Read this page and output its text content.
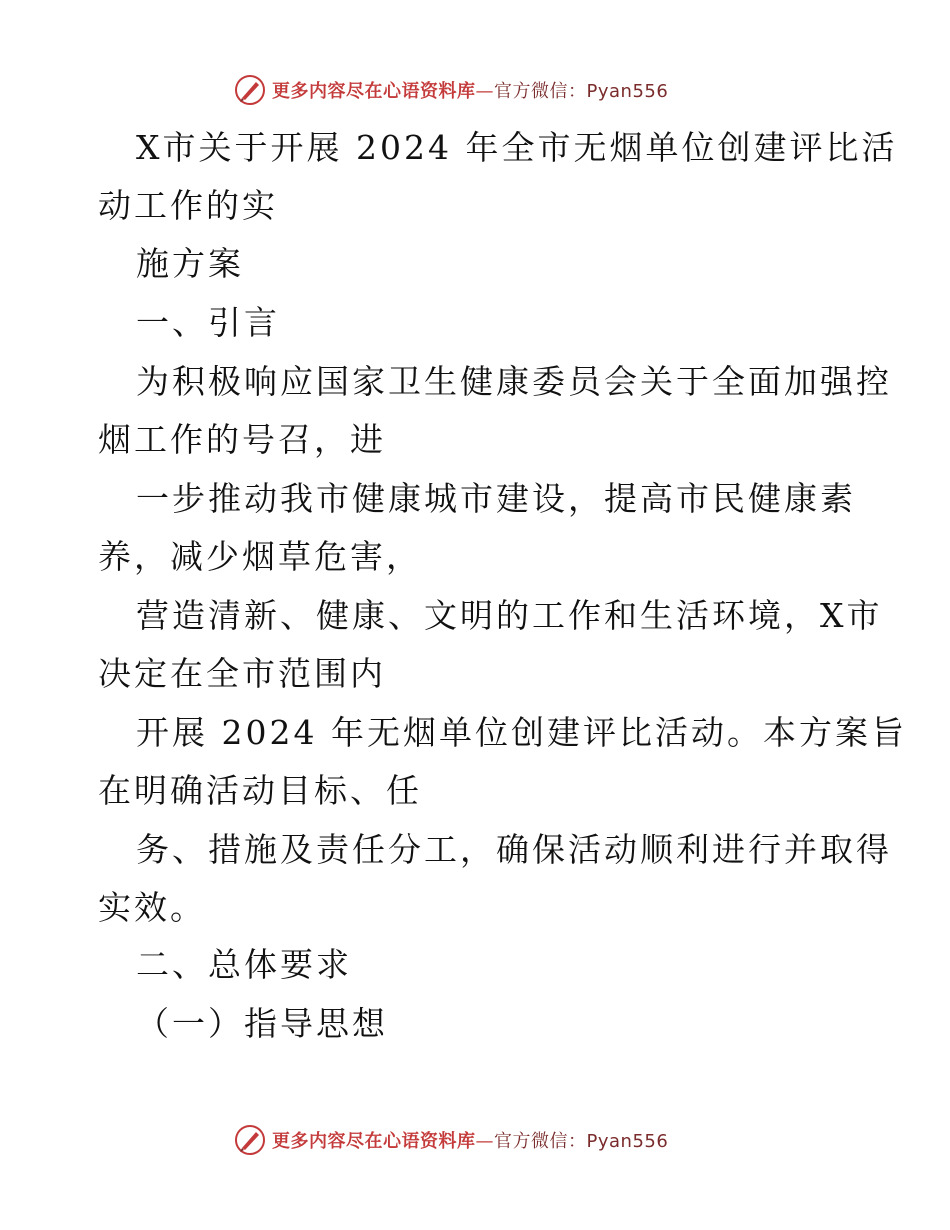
更多内容尽在心语资料库—官方微信：Pyan556
X市关于开展 2024 年全市无烟单位创建评比活
动工作的实
施方案
一、引言
为积极响应国家卫生健康委员会关于全面加强控
烟工作的号召，进
一步推动我市健康城市建设，提高市民健康素
养，减少烟草危害，
营造清新、健康、文明的工作和生活环境，X市
决定在全市范围内
开展 2024 年无烟单位创建评比活动。本方案旨
在明确活动目标、任
务、措施及责任分工，确保活动顺利进行并取得
实效。
二、总体要求
（一）指导思想
更多内容尽在心语资料库—官方微信：Pyan556
